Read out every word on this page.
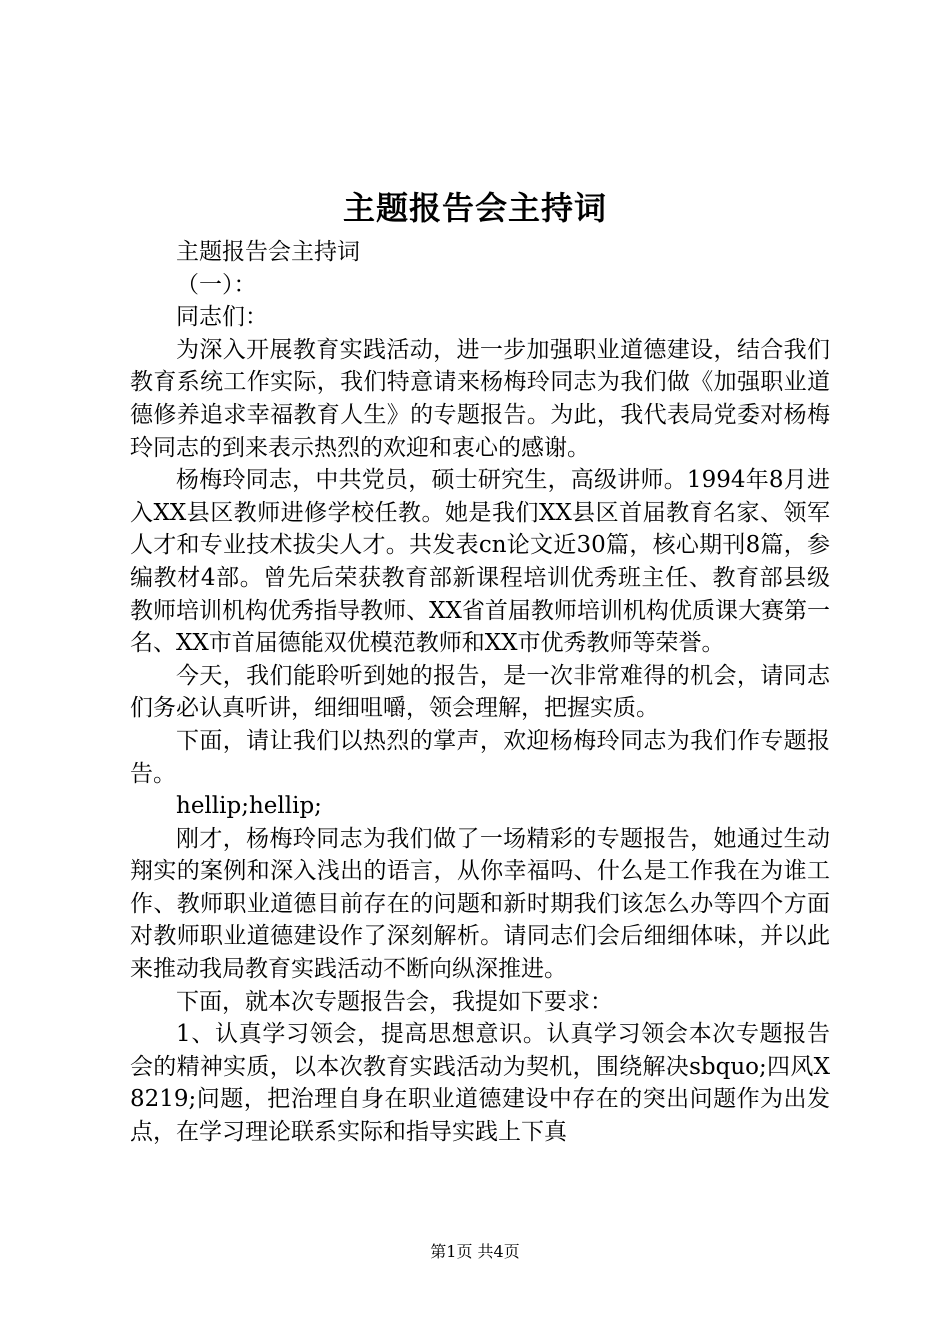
主题报告会主持词

主题报告会主持词

（一）：

同志们：

为深入开展教育实践活动，进一步加强职业道德建设，结合我们教育系统工作实际，我们特意请来杨梅玲同志为我们做《加强职业道德修养追求幸福教育人生》的专题报告。为此，我代表局党委对杨梅玲同志的到来表示热烈的欢迎和衷心的感谢。

杨梅玲同志，中共党员，硕士研究生，高级讲师。1994年8月进入XX县区教师进修学校任教。她是我们XX县区首届教育名家、领军人才和专业技术拔尖人才。共发表cn论文近30篇，核心期刊8篇，参编教材4部。曾先后荣获教育部新课程培训优秀班主任、教育部县级教师培训机构优秀指导教师、XX省首届教师培训机构优质课大赛第一名、XX市首届德能双优模范教师和XX市优秀教师等荣誉。

今天，我们能聆听到她的报告，是一次非常难得的机会，请同志们务必认真听讲，细细咀嚼，领会理解，把握实质。

下面，请让我们以热烈的掌声，欢迎杨梅玲同志为我们作专题报告。

hellip;hellip;

刚才，杨梅玲同志为我们做了一场精彩的专题报告，她通过生动翔实的案例和深入浅出的语言，从你幸福吗、什么是工作我在为谁工作、教师职业道德目前存在的问题和新时期我们该怎么办等四个方面对教师职业道德建设作了深刻解析。请同志们会后细细体味，并以此来推动我局教育实践活动不断向纵深推进。

下面，就本次专题报告会，我提如下要求：

1、认真学习领会，提高思想意识。认真学习领会本次专题报告会的精神实质，以本次教育实践活动为契机，围绕解决sbquo;四风X8219;问题，把治理自身在职业道德建设中存在的突出问题作为出发点，在学习理论联系实际和指导实践上下真

第1页 共4页
